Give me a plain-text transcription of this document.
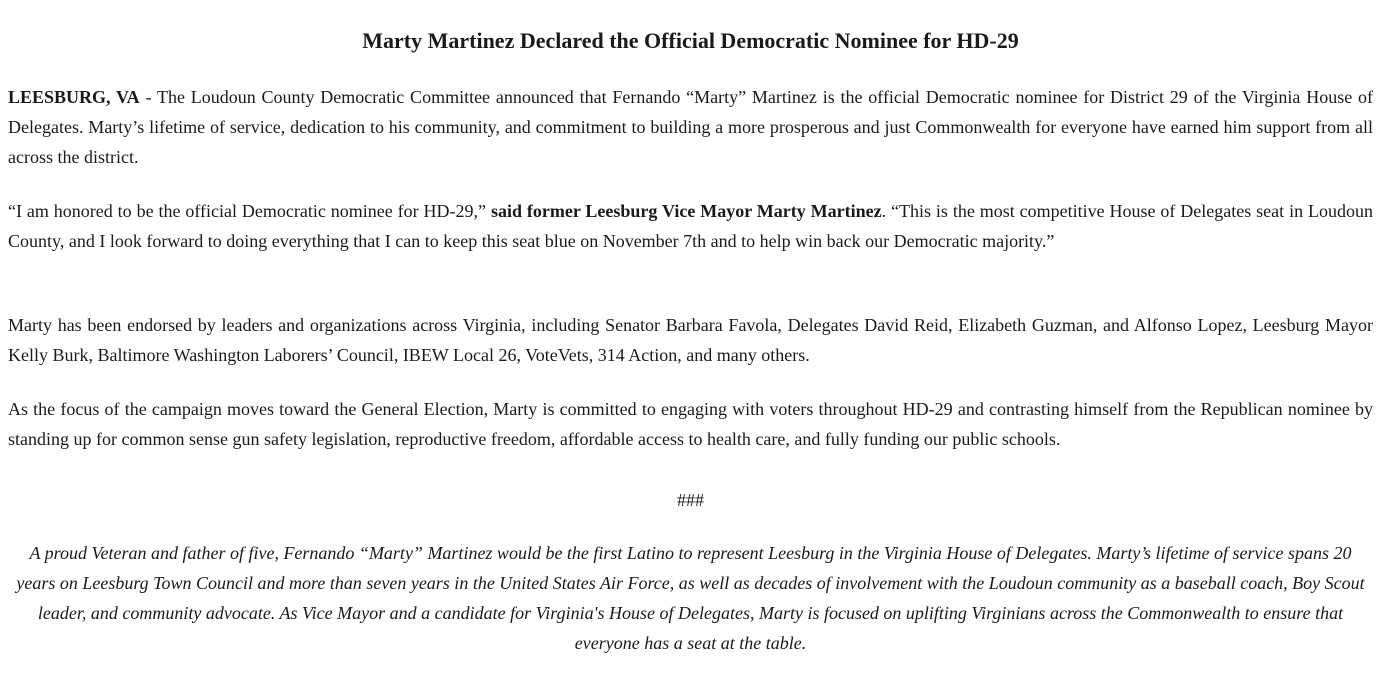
Marty Martinez Declared the Official Democratic Nominee for HD-29

LEESBURG, VA - The Loudoun County Democratic Committee announced that Fernando “Marty” Martinez is the official Democratic nominee for District 29 of the Virginia House of Delegates. Marty’s lifetime of service, dedication to his community, and commitment to building a more prosperous and just Commonwealth for everyone have earned him support from all across the district.

“I am honored to be the official Democratic nominee for HD-29,” said former Leesburg Vice Mayor Marty Martinez. “This is the most competitive House of Delegates seat in Loudoun County, and I look forward to doing everything that I can to keep this seat blue on November 7th and to help win back our Democratic majority.”

Marty has been endorsed by leaders and organizations across Virginia, including Senator Barbara Favola, Delegates David Reid, Elizabeth Guzman, and Alfonso Lopez, Leesburg Mayor Kelly Burk, Baltimore Washington Laborers’ Council, IBEW Local 26, VoteVets, 314 Action, and many others.

As the focus of the campaign moves toward the General Election, Marty is committed to engaging with voters throughout HD-29 and contrasting himself from the Republican nominee by standing up for common sense gun safety legislation, reproductive freedom, affordable access to health care, and fully funding our public schools.

###

A proud Veteran and father of five, Fernando “Marty” Martinez would be the first Latino to represent Leesburg in the Virginia House of Delegates. Marty’s lifetime of service spans 20 years on Leesburg Town Council and more than seven years in the United States Air Force, as well as decades of involvement with the Loudoun community as a baseball coach, Boy Scout leader, and community advocate. As Vice Mayor and a candidate for Virginia's House of Delegates, Marty is focused on uplifting Virginians across the Commonwealth to ensure that everyone has a seat at the table.
